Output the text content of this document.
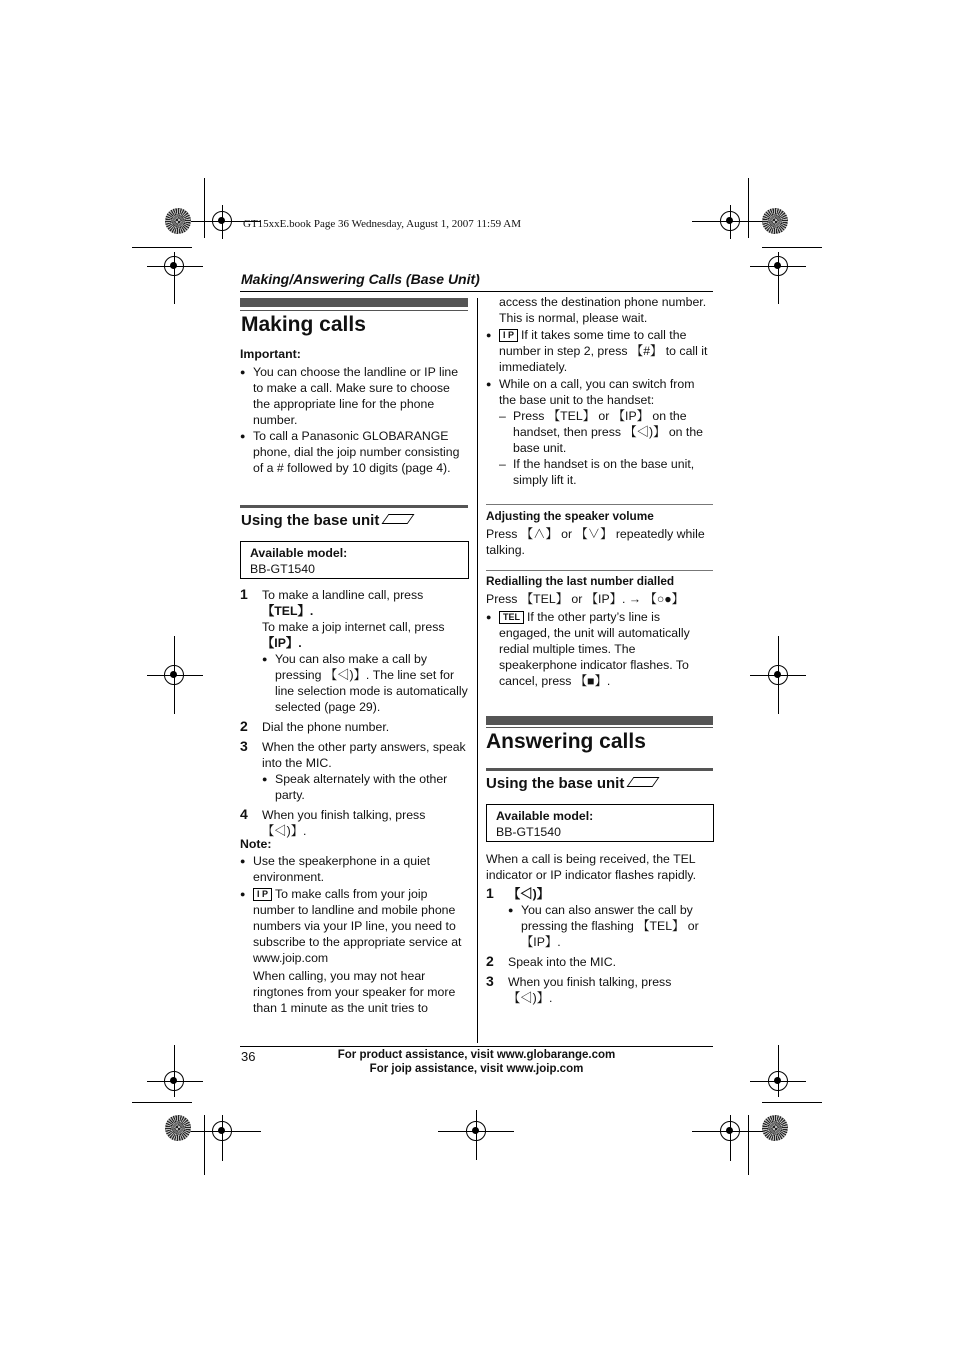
GT15xxE.book Page 36 Wednesday, August 1, 2007 11:59 AM
Making/Answering Calls (Base Unit)
Making calls
Important:
● You can choose the landline or IP line to make a call. Make sure to choose the appropriate line for the phone number.
● To call a Panasonic GLOBARANGE phone, dial the joip number consisting of a # followed by 10 digits (page 4).
Using the base unit
Available model:
BB-GT1540
1 To make a landline call, press
【TEL】.
To make a joip internet call, press
【IP】.
● You can also make a call by pressing 【◁)】. The line set for line selection mode is automatically selected (page 29).
2 Dial the phone number.
3 When the other party answers, speak into the MIC.
● Speak alternately with the other party.
4 When you finish talking, press 【◁)】.
Note:
● Use the speakerphone in a quiet environment.
● I P To make calls from your joip number to landline and mobile phone numbers via your IP line, you need to subscribe to the appropriate service at www.joip.com
When calling, you may not hear ringtones from your speaker for more than 1 minute as the unit tries to
access the destination phone number. This is normal, please wait.
● I P If it takes some time to call the number in step 2, press 【#】 to call it immediately.
● While on a call, you can switch from the base unit to the handset:
– Press 【TEL】 or 【IP】 on the handset, then press 【◁)】 on the base unit.
– If the handset is on the base unit, simply lift it.
Adjusting the speaker volume
Press 【∧】 or 【∨】 repeatedly while talking.
Redialling the last number dialled
Press 【TEL】 or 【IP】. → 【○●】
● TEL If the other party’s line is engaged, the unit will automatically redial multiple times. The speakerphone indicator flashes. To cancel, press 【■】.
Answering calls
Using the base unit
Available model:
BB-GT1540
When a call is being received, the TEL indicator or IP indicator flashes rapidly.
1 【◁)】
● You can also answer the call by pressing the flashing 【TEL】 or 【IP】.
2 Speak into the MIC.
3 When you finish talking, press 【◁)】.
36	For product assistance, visit www.globarange.com
For joip assistance, visit www.joip.com
